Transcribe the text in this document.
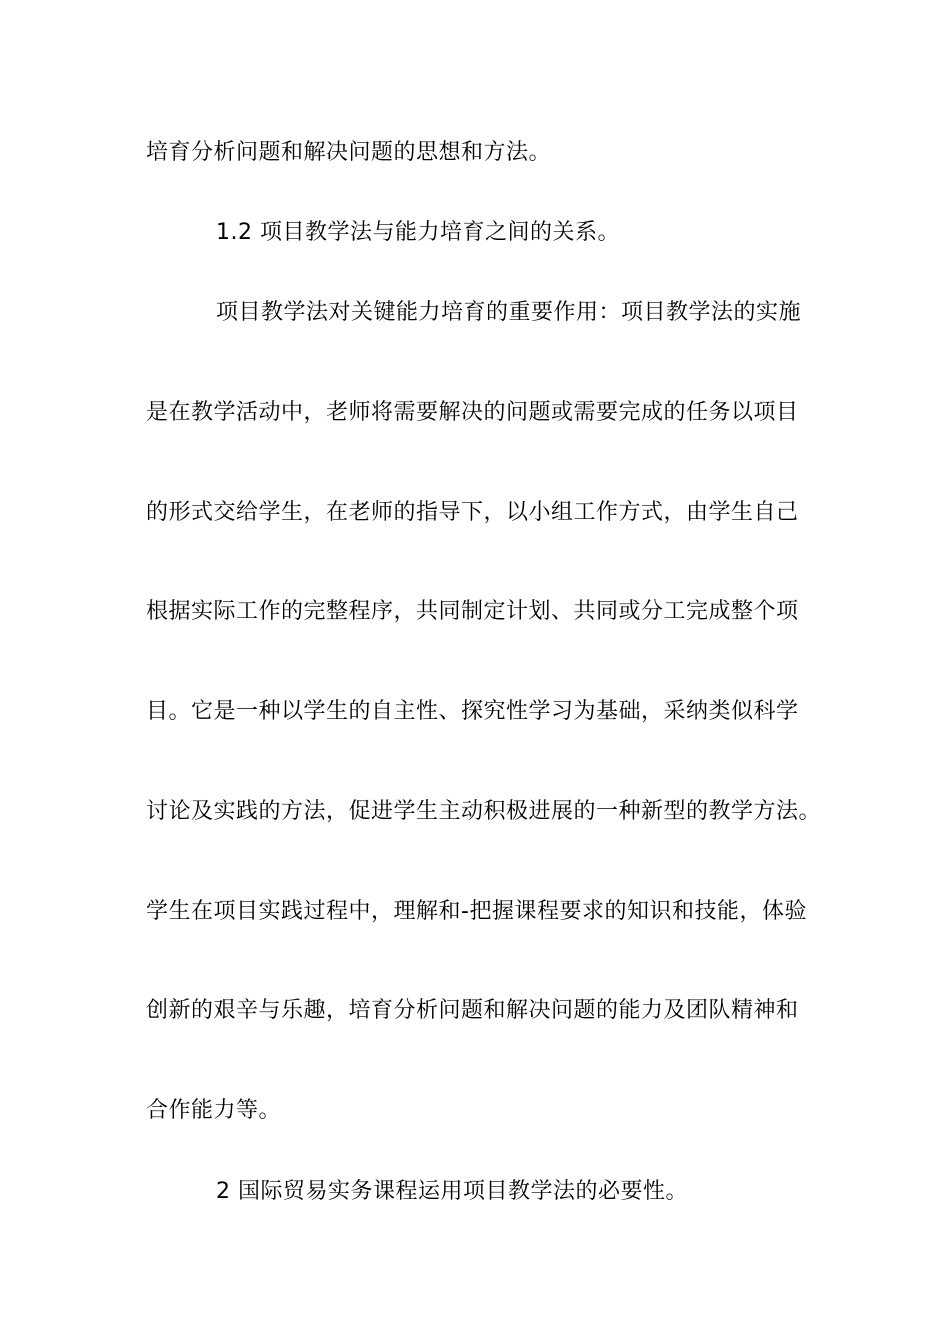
培育分析问题和解决问题的思想和方法。
1.2 项目教学法与能力培育之间的关系。
项目教学法对关键能力培育的重要作用：项目教学法的实施
是在教学活动中，老师将需要解决的问题或需要完成的任务以项目
的形式交给学生，在老师的指导下，以小组工作方式，由学生自己
根据实际工作的完整程序，共同制定计划、共同或分工完成整个项
目。它是一种以学生的自主性、探究性学习为基础，采纳类似科学
讨论及实践的方法，促进学生主动积极进展的一种新型的教学方法。
学生在项目实践过程中，理解和-把握课程要求的知识和技能，体验
创新的艰辛与乐趣，培育分析问题和解决问题的能力及团队精神和
合作能力等。
2 国际贸易实务课程运用项目教学法的必要性。
